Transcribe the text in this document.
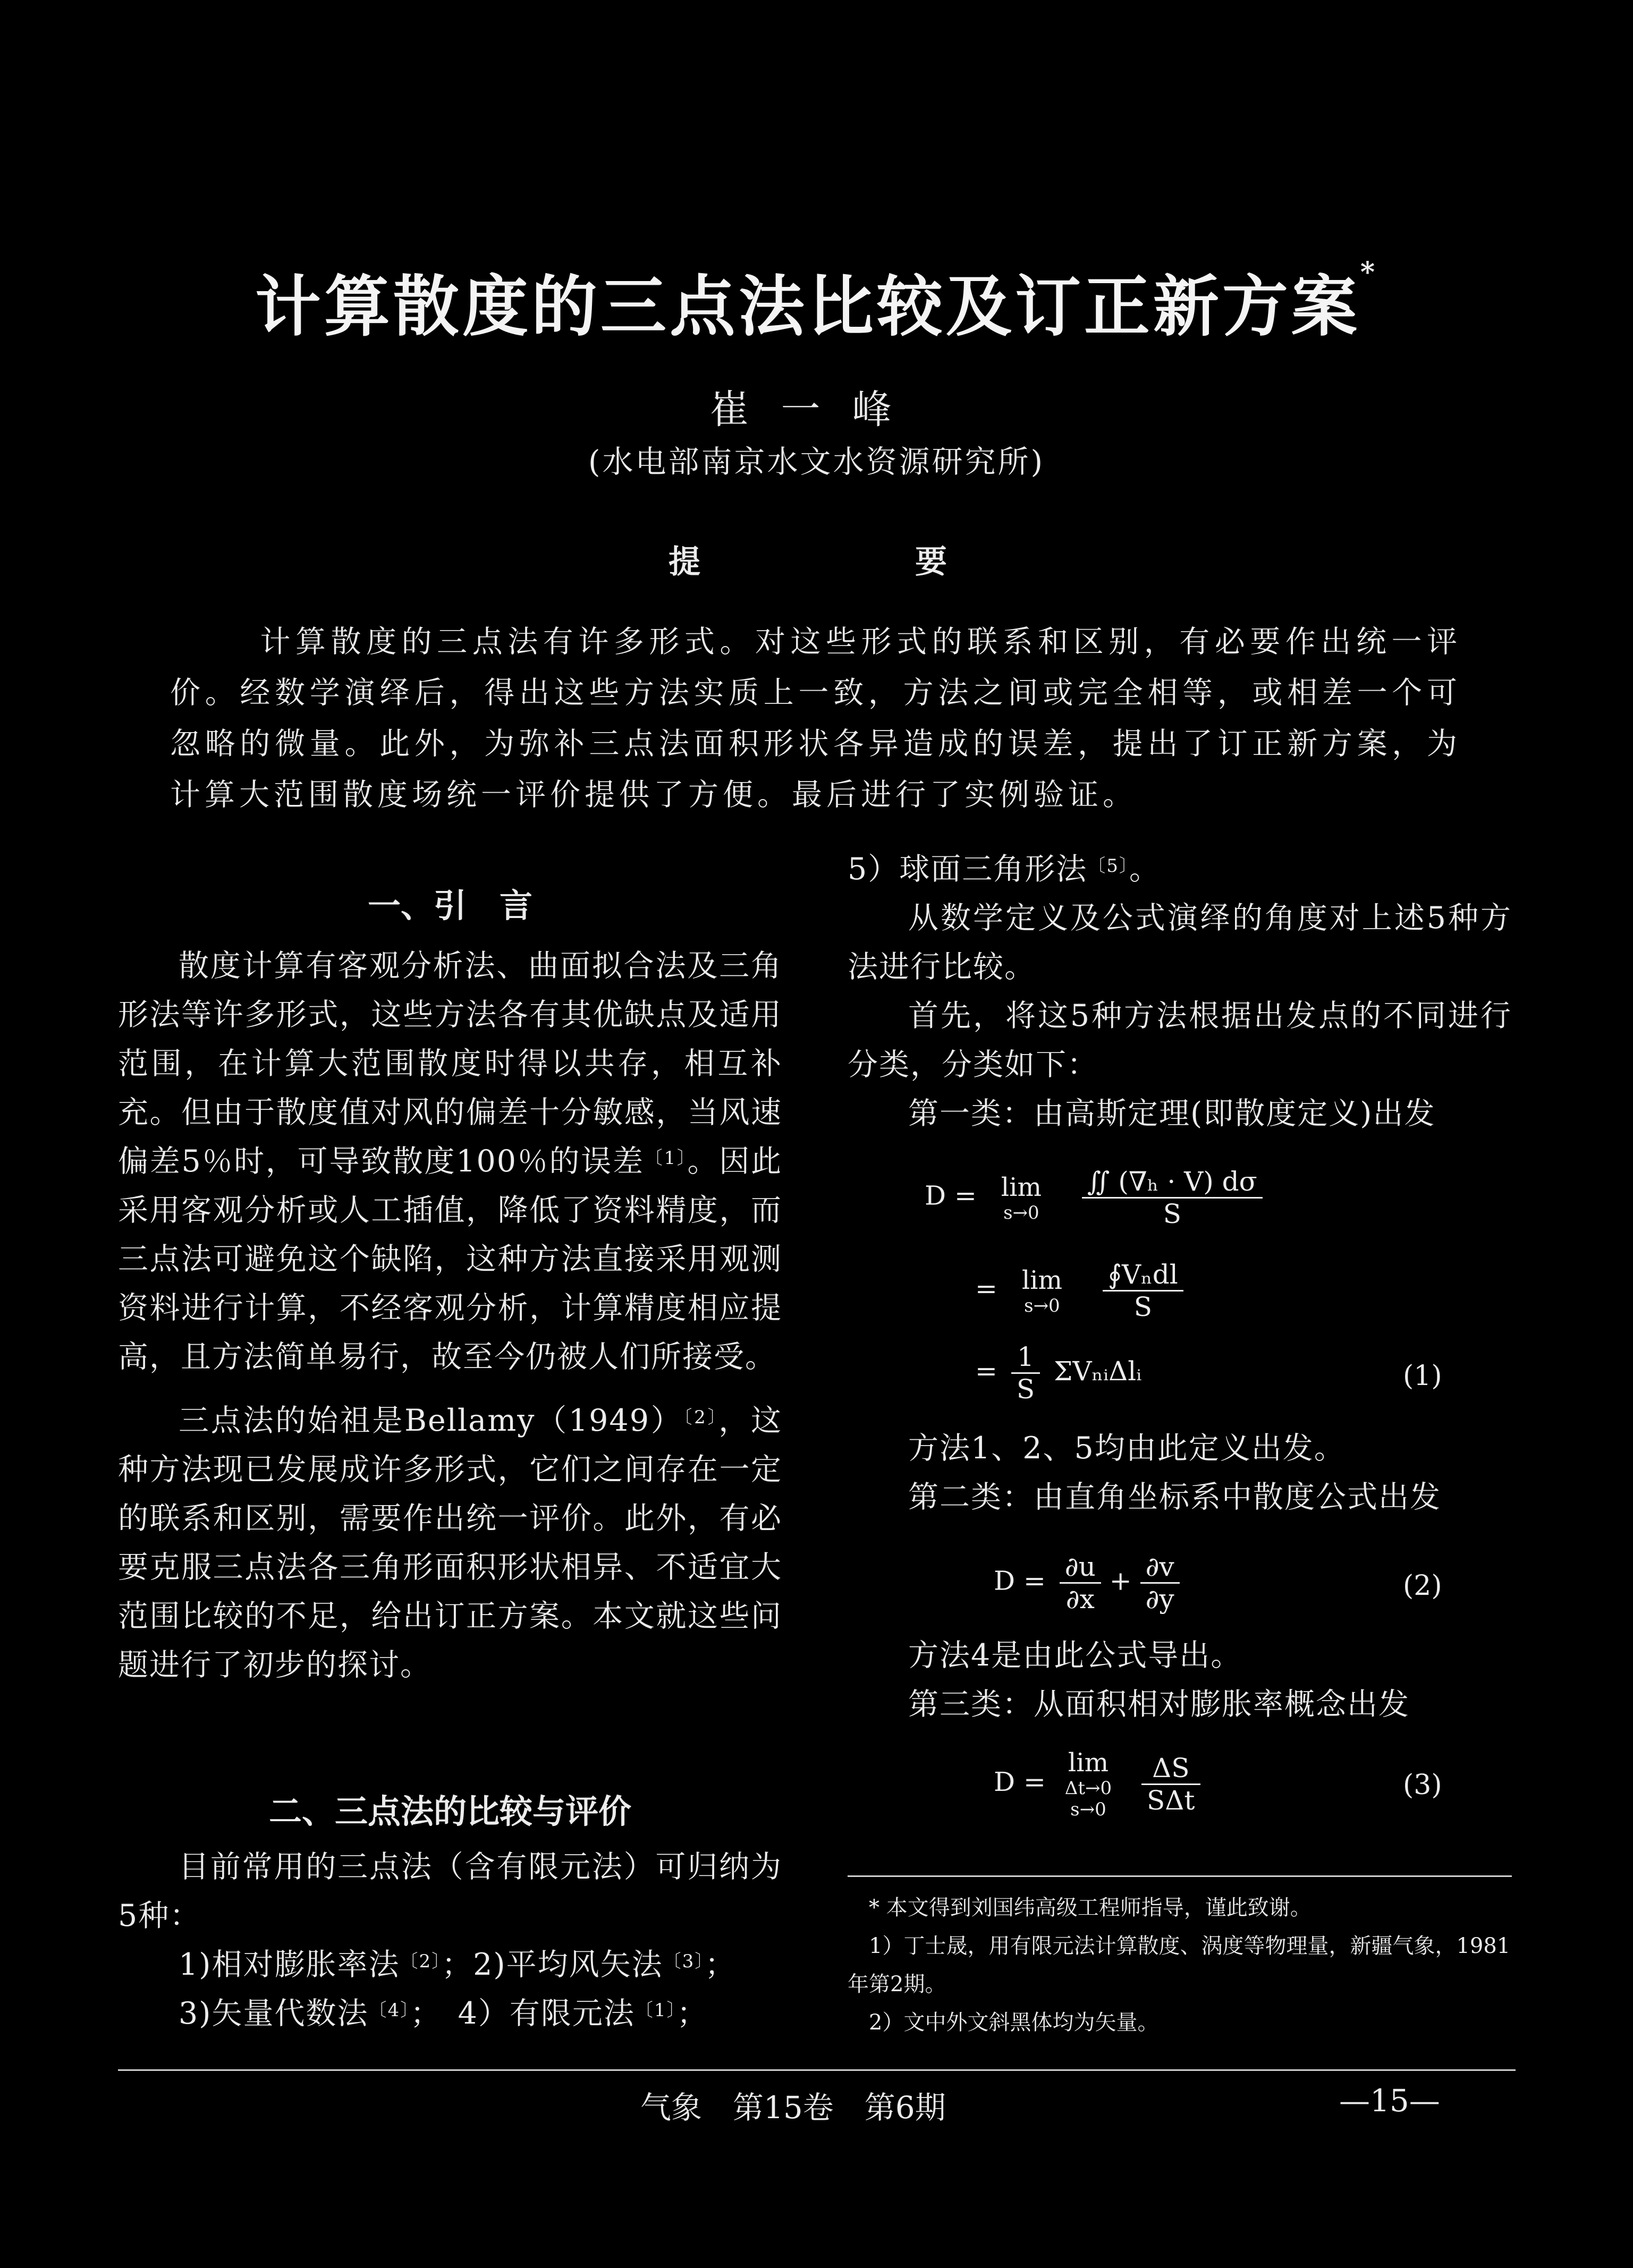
计算散度的三点法比较及订正新方案*
崔一峰
(水电部南京水文水资源研究所)
提	要
计算散度的三点法有许多形式。对这些形式的联系和区别，有必要作出统一评价。经数学演绎后，得出这些方法实质上一致，方法之间或完全相等，或相差一个可忽略的微量。此外，为弥补三点法面积形状各异造成的误差，提出了订正新方案，为计算大范围散度场统一评价提供了方便。最后进行了实例验证。
一、引　言

散度计算有客观分析法、曲面拟合法及三角形法等许多形式，这些方法各有其优缺点及适用范围，在计算大范围散度时得以共存，相互补充。但由于散度值对风的偏差十分敏感，当风速偏差5％时，可导致散度100％的误差$^{〔1〕}$。因此采用客观分析或人工插值，降低了资料精度，而三点法可避免这个缺陷，这种方法直接采用观测资料进行计算，不经客观分析，计算精度相应提高，且方法简单易行，故至今仍被人们所接受。

三点法的始祖是Bellamy（1949）$^{〔2〕}$，这种方法现已发展成许多形式，它们之间存在一定的联系和区别，需要作出统一评价。此外，有必要克服三点法各三角形面积形状相异、不适宜大范围比较的不足，给出订正方案。本文就这些问题进行了初步的探讨。

二、三点法的比较与评价

目前常用的三点法（含有限元法）可归纳为5种：

1)相对膨胀率法$^{〔2〕}$；2)平均风矢法$^{〔3〕}$；

3)矢量代数法$^{〔4〕}$；　4）有限元法$^{〔1〕}$；

5）球面三角形法$^{〔5〕}$。

从数学定义及公式演绎的角度对上述5种方法进行比较。

首先，将这5种方法根据出发点的不同进行分类，分类如下：

第一类：由高斯定理(即散度定义)出发

D = lim
s→0
$\frac{\text{∬ (∇ₕ · V) dσ}}{S}$
= lim
s→0
$\frac{\text{∮Vₙdl}}{S}$
= $\frac{1}{S}$ ΣVₙᵢΔlᵢ	(1)

方法1、2、5均由此定义出发。

第二类：由直角坐标系中散度公式出发

$D = \frac{\partial u}{\partial x} + \frac{\partial v}{\partial y}$	(2)

方法4是由此公式导出。

第三类：从面积相对膨胀率概念出发

D = lim
Δt→0
s→0
$\frac{\Delta S}{\text{SΔt}}$	(3)
* 本文得到刘国纬高级工程师指导，谨此致谢。
1）丁士晟，用有限元法计算散度、涡度等物理量，新疆气象，1981年第2期。
2）文中外文斜黑体均为矢量。
气象　第15卷　第6期	—15—
